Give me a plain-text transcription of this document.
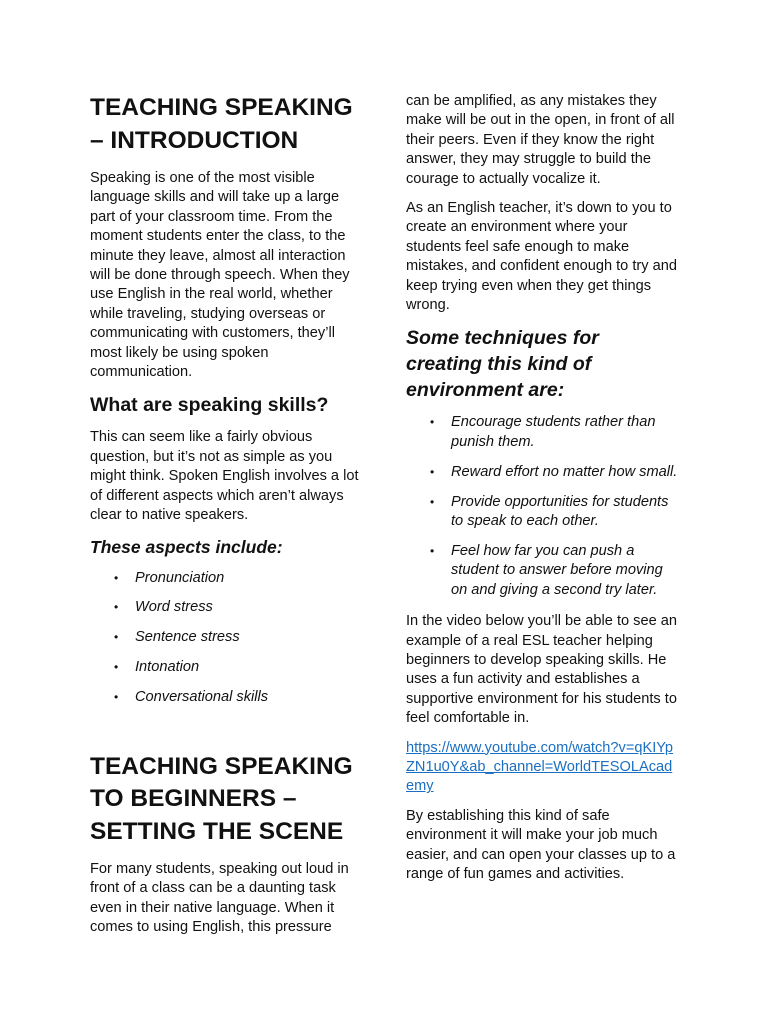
TEACHING SPEAKING – INTRODUCTION

Speaking is one of the most visible language skills and will take up a large part of your classroom time. From the moment students enter the class, to the minute they leave, almost all interaction will be done through speech. When they use English in the real world, whether while traveling, studying overseas or communicating with customers, they’ll most likely be using spoken communication.

What are speaking skills?

This can seem like a fairly obvious question, but it’s not as simple as you might think. Spoken English involves a lot of different aspects which aren’t always clear to native speakers.

These aspects include:
• Pronunciation
• Word stress
• Sentence stress
• Intonation
• Conversational skills
TEACHING SPEAKING TO BEGINNERS – SETTING THE SCENE

For many students, speaking out loud in front of a class can be a daunting task even in their native language. When it comes to using English, this pressure

can be amplified, as any mistakes they make will be out in the open, in front of all their peers. Even if they know the right answer, they may struggle to build the courage to actually vocalize it.

As an English teacher, it’s down to you to create an environment where your students feel safe enough to make mistakes, and confident enough to try and keep trying even when they get things wrong.

Some techniques for creating this kind of environment are:
• Encourage students rather than punish them.
• Reward effort no matter how small.
• Provide opportunities for students to speak to each other.
• Feel how far you can push a student to answer before moving on and giving a second try later.

In the video below you’ll be able to see an example of a real ESL teacher helping beginners to develop speaking skills. He uses a fun activity and establishes a supportive environment for his students to feel comfortable in.

https://www.youtube.com/watch?v=qKIYpZN1u0Y&ab_channel=WorldTESOLAcademy

By establishing this kind of safe environment it will make your job much easier, and can open your classes up to a range of fun games and activities.
